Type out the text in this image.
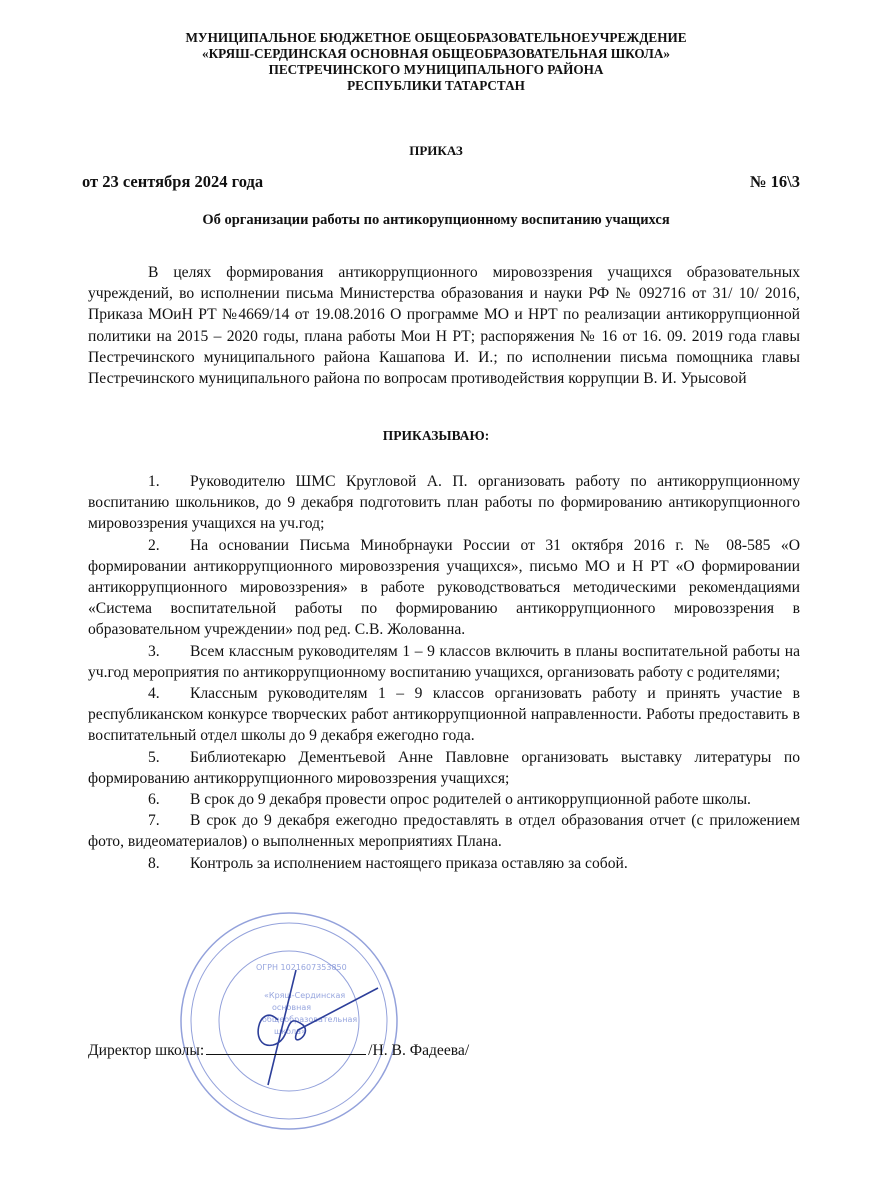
МУНИЦИПАЛЬНОЕ БЮДЖЕТНОЕ ОБЩЕОБРАЗОВАТЕЛЬНОЕУЧРЕЖДЕНИЕ
«КРЯШ-СЕРДИНСКАЯ ОСНОВНАЯ ОБЩЕОБРАЗОВАТЕЛЬНАЯ ШКОЛА»
ПЕСТРЕЧИНСКОГО МУНИЦИПАЛЬНОГО РАЙОНА
РЕСПУБЛИКИ ТАТАРСТАН
ПРИКАЗ
от 23 сентября 2024 года	№ 16\3
Об организации работы по антикорупционному воспитанию учащихся
В целях формирования антикоррупционного мировоззрения учащихся образовательных учреждений, во исполнении письма Министерства образования и науки РФ № 092716 от 31/ 10/ 2016, Приказа МОиН РТ №4669/14 от 19.08.2016 О программе МО и НРТ по реализации антикоррупционной политики на 2015 – 2020 годы, плана работы Мои Н РТ; распоряжения № 16 от 16. 09. 2019 года главы Пестречинского муниципального района Кашапова И. И.; по исполнении письма помощника главы Пестречинского муниципального района по вопросам противодействия коррупции В. И. Урысовой
ПРИКАЗЫВАЮ:
1. Руководителю ШМС Кругловой А. П. организовать работу по антикоррупционному воспитанию школьников, до 9 декабря подготовить план работы по формированию антикорупционного мировоззрения учащихся на уч.год;
2. На основании Письма Минобрнауки России от 31 октября 2016 г. № 08-585 «О формировании антикоррупционного мировоззрения учащихся», письмо МО и Н РТ «О формировании антикоррупционного мировоззрения» в работе руководствоваться методическими рекомендациями «Система воспитательной работы по формированию антикоррупционного мировоззрения в образовательном учреждении» под ред. С.В. Жолованна.
3. Всем классным руководителям 1 – 9 классов включить в планы воспитательной работы на уч.год мероприятия по антикоррупционному воспитанию учащихся, организовать работу с родителями;
4. Классным руководителям 1 – 9 классов организовать работу и принять участие в республиканском конкурсе творческих работ антикоррупционной направленности. Работы предоставить в воспитательный отдел школы до 9 декабря ежегодно года.
5. Библиотекарю Дементьевой Анне Павловне организовать выставку литературы по формированию антикоррупционного мировоззрения учащихся;
6. В срок до 9 декабря провести опрос родителей о антикоррупционной работе школы.
7. В срок до 9 декабря ежегодно предоставлять в отдел образования отчет (с приложением фото, видеоматериалов) о выполненных мероприятиях Плана.
8. Контроль за исполнением настоящего приказа оставляю за собой.
ОГРН 1021607353850
«Кряш-Сердинская
основная
общеобразовательная
школа»
Директор школы:	/Н. В. Фадеева/
